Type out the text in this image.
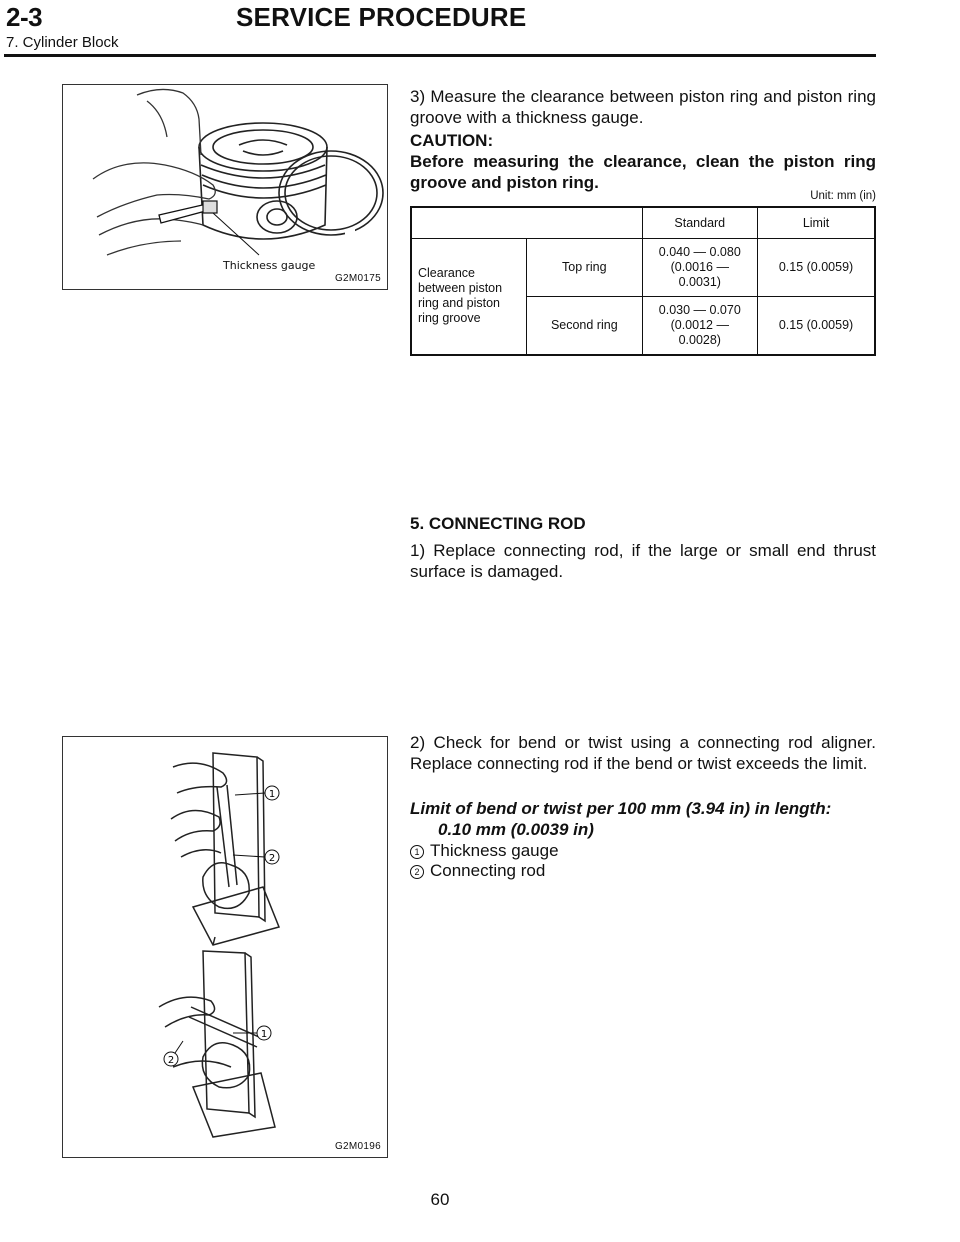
2-3	SERVICE PROCEDURE
7. Cylinder Block
Thickness gauge
G2M0175
3) Measure the clearance between piston ring and piston ring groove with a thickness gauge.
CAUTION:
Before measuring the clearance, clean the piston ring groove and piston ring.
Unit: mm (in)
		Standard	Limit
Clearance between piston ring and piston ring groove	Top ring	0.040 — 0.080 (0.0016 — 0.0031)	0.15 (0.0059)
	Second ring	0.030 — 0.070 (0.0012 — 0.0028)	0.15 (0.0059)
5. CONNECTING ROD
1) Replace connecting rod, if the large or small end thrust surface is damaged.
2) Check for bend or twist using a connecting rod aligner. Replace connecting rod if the bend or twist exceeds the limit.
Limit of bend or twist per 100 mm (3.94 in) in length:
0.10 mm (0.0039 in)
1 Thickness gauge
2 Connecting rod
1
2
1
2
G2M0196
60
